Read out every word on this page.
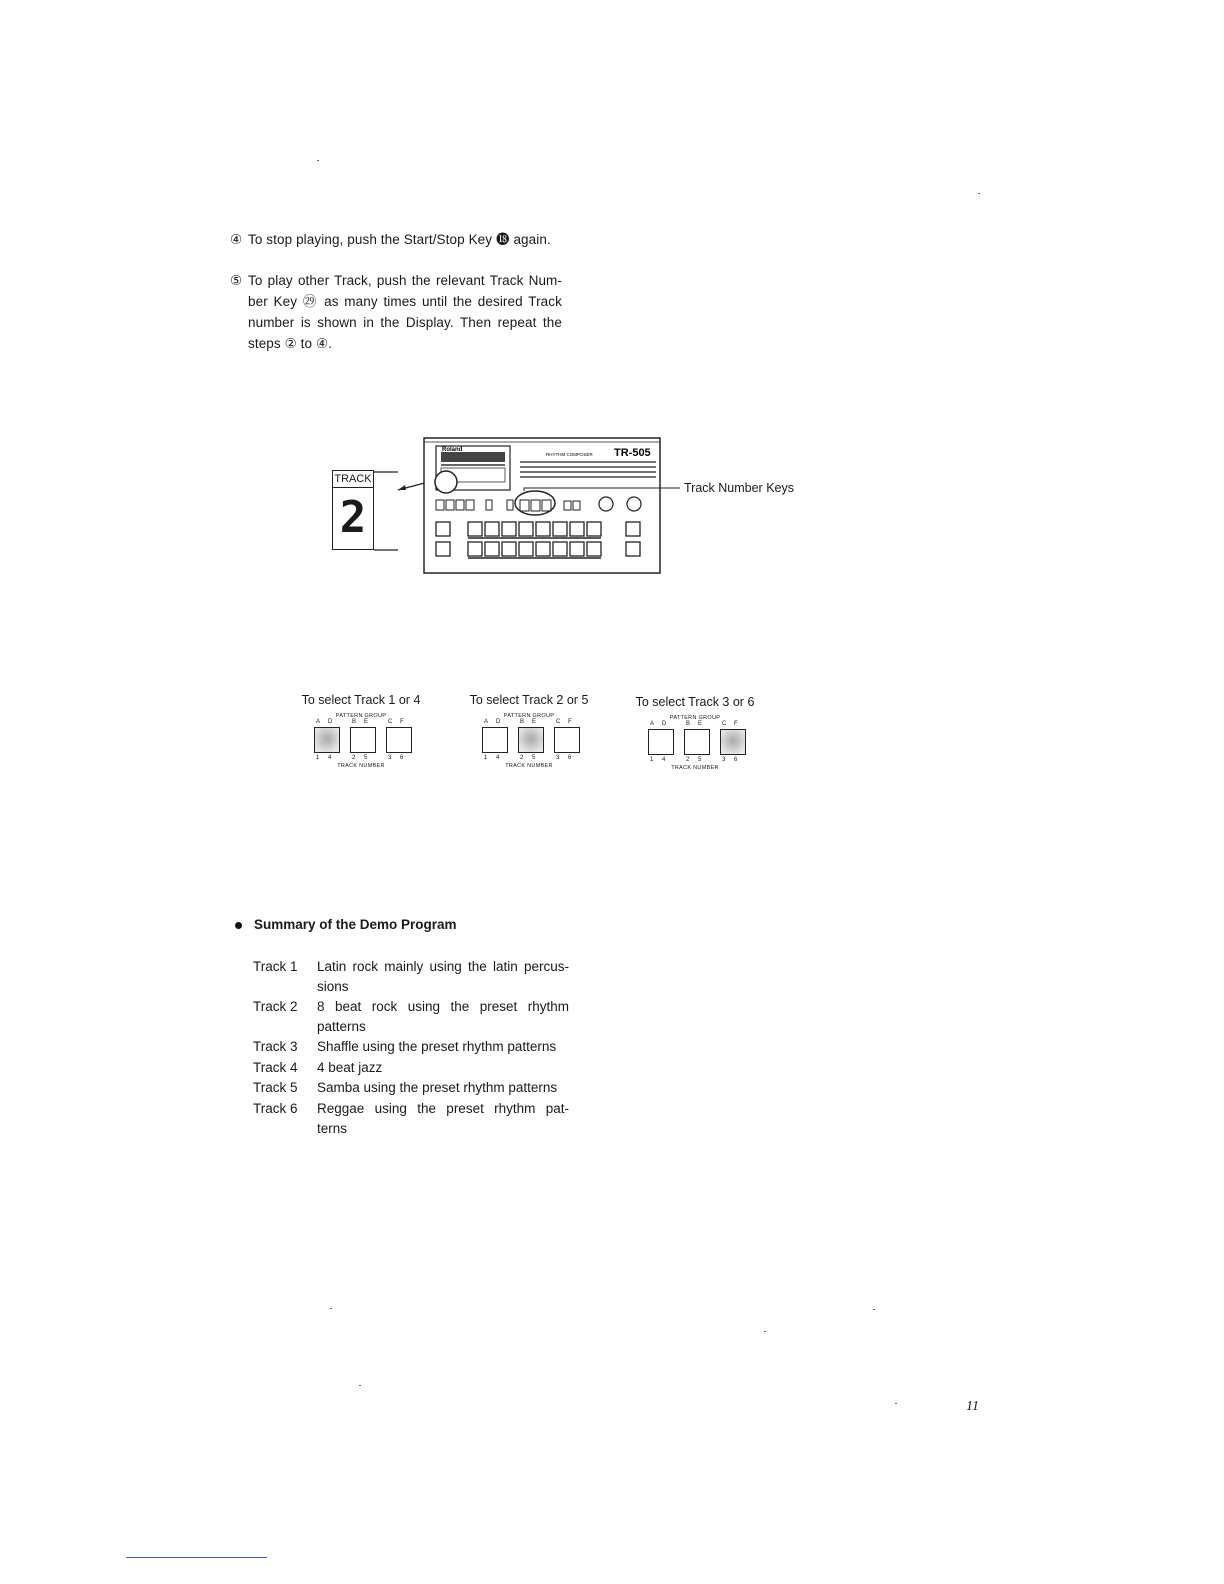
④ To stop playing, push the Start/Stop Key ⓲ again.

⑤ To play other Track, push the relevant Track Num-

ber Key ㉙ as many times until the desired Track

number is shown in the Display. Then repeat the

steps ② to ④.

TRACK
2
Roland
RHYTHM COMPOSER TR-505
Track Number Keys
To select Track 1 or 4
PATTERN GROUP
A D	B E	C F
1 4	2 5	3 6
TRACK NUMBER
To select Track 2 or 5
PATTERN GROUP
A D	B E	C F
1 4	2 5	3 6
TRACK NUMBER
To select Track 3 or 6
PATTERN GROUP
A D	B E	C F
1 4	2 5	3 6
TRACK NUMBER
Summary of the Demo Program
Track 1 Latin rock mainly using the latin percus-

sions

Track 2 8 beat rock using the preset rhythm

patterns

Track 3 Shaffle using the preset rhythm patterns

Track 4 4 beat jazz

Track 5 Samba using the preset rhythm patterns

Track 6 Reggae using the preset rhythm pat-

terns

11
